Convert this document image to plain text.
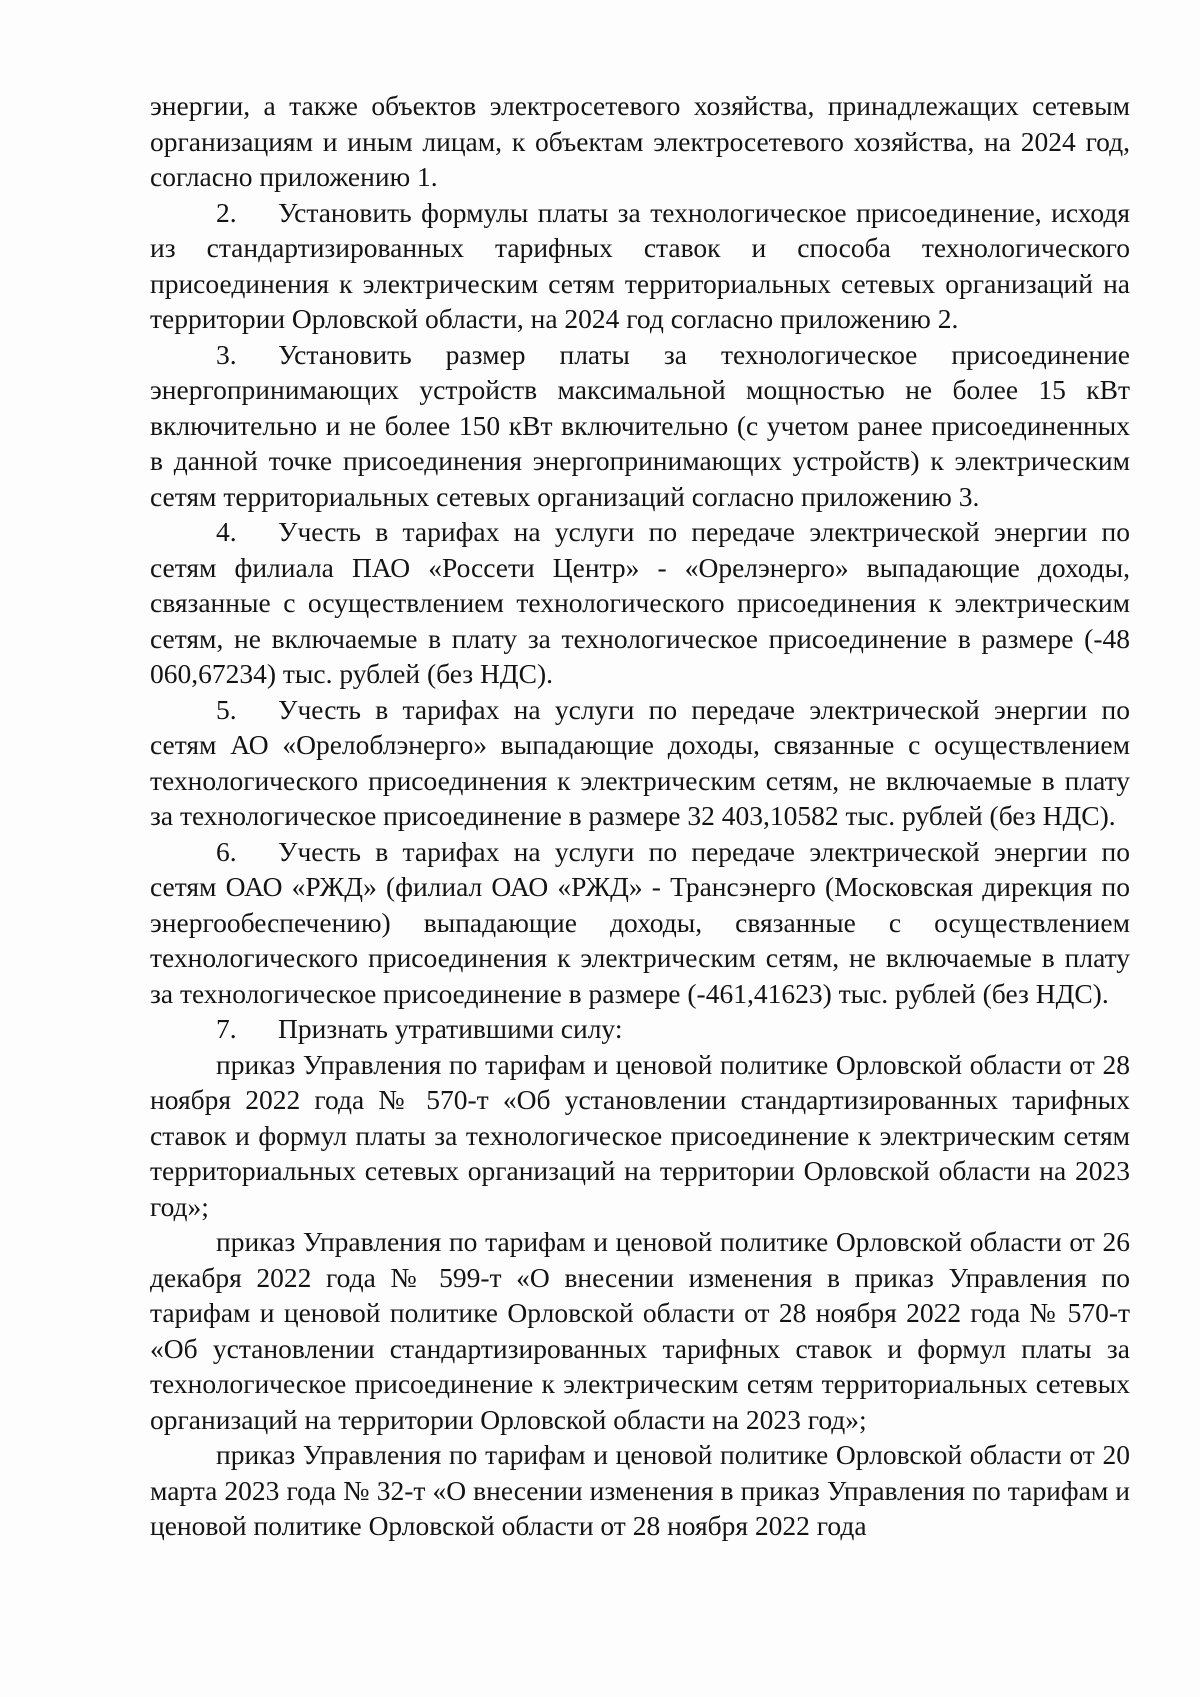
энергии, а также объектов электросетевого хозяйства, принадлежащих сетевым организациям и иным лицам, к объектам электросетевого хозяйства, на 2024 год, согласно приложению 1.

2. Установить формулы платы за технологическое присоединение, исходя из стандартизированных тарифных ставок и способа технологического присоединения к электрическим сетям территориальных сетевых организаций на территории Орловской области, на 2024 год согласно приложению 2.

3. Установить размер платы за технологическое присоединение энергопринимающих устройств максимальной мощностью не более 15 кВт включительно и не более 150 кВт включительно (с учетом ранее присоединенных в данной точке присоединения энергопринимающих устройств) к электрическим сетям территориальных сетевых организаций согласно приложению 3.

4. Учесть в тарифах на услуги по передаче электрической энергии по сетям филиала ПАО «Россети Центр» - «Орелэнерго» выпадающие доходы, связанные с осуществлением технологического присоединения к электрическим сетям, не включаемые в плату за технологическое присоединение в размере (-48 060,67234) тыс. рублей (без НДС).

5. Учесть в тарифах на услуги по передаче электрической энергии по сетям АО «Орелоблэнерго» выпадающие доходы, связанные с осуществлением технологического присоединения к электрическим сетям, не включаемые в плату за технологическое присоединение в размере 32 403,10582 тыс. рублей (без НДС).

6. Учесть в тарифах на услуги по передаче электрической энергии по сетям ОАО «РЖД» (филиал ОАО «РЖД» - Трансэнерго (Московская дирекция по энергообеспечению) выпадающие доходы, связанные с осуществлением технологического присоединения к электрическим сетям, не включаемые в плату за технологическое присоединение в размере (-461,41623) тыс. рублей (без НДС).

7. Признать утратившими силу:

приказ Управления по тарифам и ценовой политике Орловской области от 28 ноября 2022 года № 570-т «Об установлении стандартизированных тарифных ставок и формул платы за технологическое присоединение к электрическим сетям территориальных сетевых организаций на территории Орловской области на 2023 год»;

приказ Управления по тарифам и ценовой политике Орловской области от 26 декабря 2022 года № 599-т «О внесении изменения в приказ Управления по тарифам и ценовой политике Орловской области от 28 ноября 2022 года № 570-т «Об установлении стандартизированных тарифных ставок и формул платы за технологическое присоединение к электрическим сетям территориальных сетевых организаций на территории Орловской области на 2023 год»;

приказ Управления по тарифам и ценовой политике Орловской области от 20 марта 2023 года № 32-т «О внесении изменения в приказ Управления по тарифам и ценовой политике Орловской области от 28 ноября 2022 года
